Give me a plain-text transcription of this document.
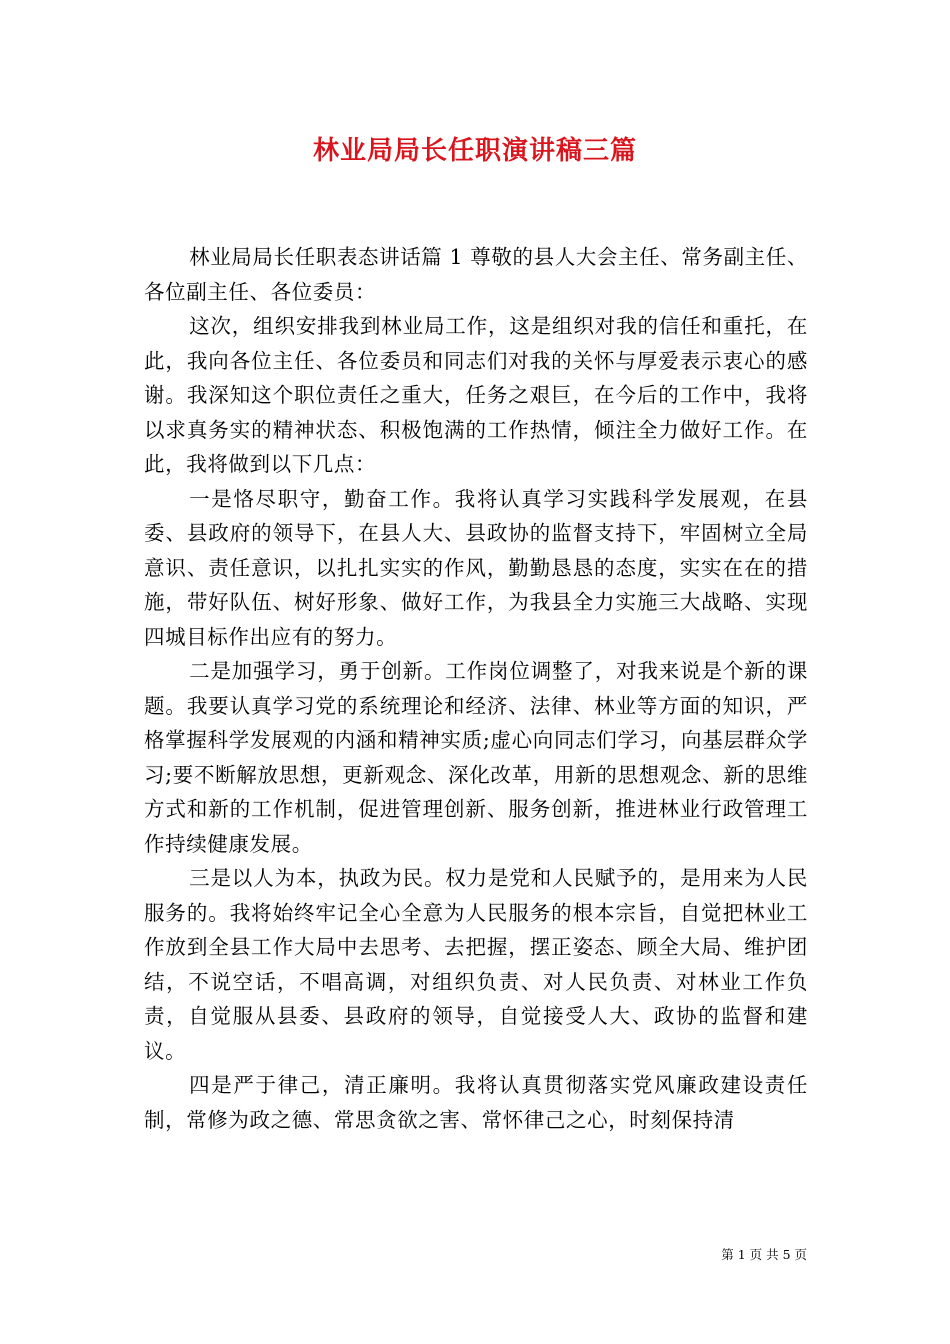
林业局局长任职演讲稿三篇

林业局局长任职表态讲话篇 1 尊敬的县人大会主任、常务副主任、各位副主任、各位委员：

这次，组织安排我到林业局工作，这是组织对我的信任和重托，在此，我向各位主任、各位委员和同志们对我的关怀与厚爱表示衷心的感谢。我深知这个职位责任之重大，任务之艰巨，在今后的工作中，我将以求真务实的精神状态、积极饱满的工作热情，倾注全力做好工作。在此，我将做到以下几点：

一是恪尽职守，勤奋工作。我将认真学习实践科学发展观，在县委、县政府的领导下，在县人大、县政协的监督支持下，牢固树立全局意识、责任意识，以扎扎实实的作风，勤勤恳恳的态度，实实在在的措施，带好队伍、树好形象、做好工作，为我县全力实施三大战略、实现四城目标作出应有的努力。

二是加强学习，勇于创新。工作岗位调整了，对我来说是个新的课题。我要认真学习党的系统理论和经济、法律、林业等方面的知识，严格掌握科学发展观的内涵和精神实质;虚心向同志们学习，向基层群众学习;要不断解放思想，更新观念、深化改革，用新的思想观念、新的思维方式和新的工作机制，促进管理创新、服务创新，推进林业行政管理工作持续健康发展。

三是以人为本，执政为民。权力是党和人民赋予的，是用来为人民服务的。我将始终牢记全心全意为人民服务的根本宗旨，自觉把林业工作放到全县工作大局中去思考、去把握，摆正姿态、顾全大局、维护团结，不说空话，不唱高调，对组织负责、对人民负责、对林业工作负责，自觉服从县委、县政府的领导，自觉接受人大、政协的监督和建议。

四是严于律己，清正廉明。我将认真贯彻落实党风廉政建设责任制，常修为政之德、常思贪欲之害、常怀律己之心，时刻保持清

第 1 页 共 5 页
